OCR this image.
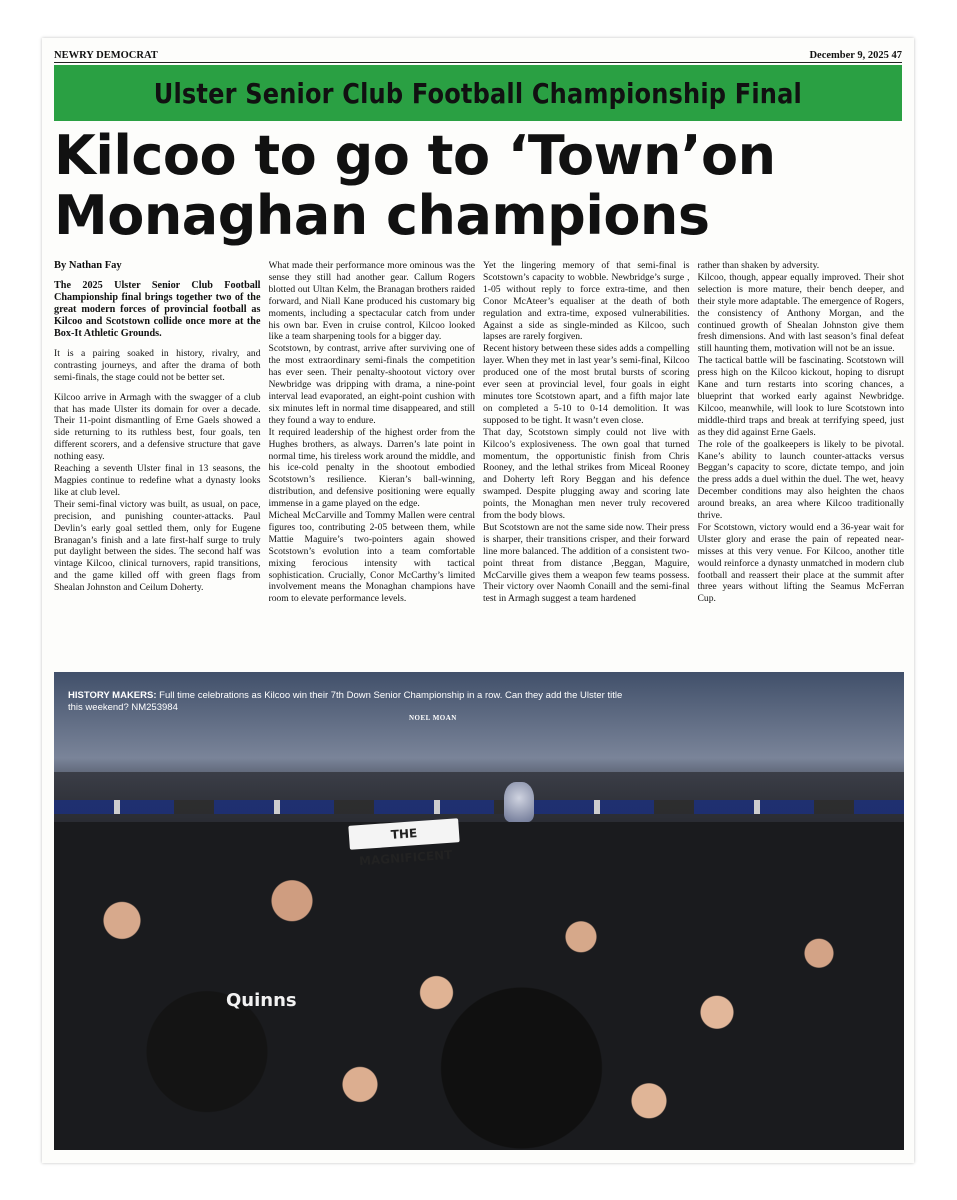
NEWRY DEMOCRAT	December 9, 2025 47
Ulster Senior Club Football Championship Final
Kilcoo to go to ‘Town’on
Monaghan champions

By Nathan Fay

The 2025 Ulster Senior Club Football Championship final brings together two of the great modern forces of provincial football as Kilcoo and Scotstown collide once more at the Box-It Athletic Grounds.

It is a pairing soaked in history, rivalry, and contrasting journeys, and after the drama of both semi-finals, the stage could not be better set.

Kilcoo arrive in Armagh with the swagger of a club that has made Ulster its domain for over a decade. Their 11-point dismantling of Erne Gaels showed a side returning to its ruthless best, four goals, ten different scorers, and a defensive structure that gave nothing easy.

Reaching a seventh Ulster final in 13 seasons, the Magpies continue to redefine what a dynasty looks like at club level.

Their semi-final victory was built, as usual, on pace, precision, and punishing counter-attacks. Paul Devlin’s early goal settled them, only for Eugene Branagan’s finish and a late first-half surge to truly put daylight between the sides. The second half was vintage Kilcoo, clinical turnovers, rapid transitions, and the game killed off with green flags from Shealan Johnston and Ceilum Doherty.

What made their performance more ominous was the sense they still had another gear. Callum Rogers blotted out Ultan Kelm, the Branagan brothers raided forward, and Niall Kane produced his customary big moments, including a spectacular catch from under his own bar. Even in cruise control, Kilcoo looked like a team sharpening tools for a bigger day.

Scotstown, by contrast, arrive after surviving one of the most extraordinary semi-finals the competition has ever seen. Their penalty-shootout victory over Newbridge was dripping with drama, a nine-point interval lead evaporated, an eight-point cushion with six minutes left in normal time disappeared, and still they found a way to endure.

It required leadership of the highest order from the Hughes brothers, as always. Darren’s late point in normal time, his tireless work around the middle, and his ice-cold penalty in the shootout embodied Scotstown’s resilience. Kieran’s ball-winning, distribution, and defensive positioning were equally immense in a game played on the edge.

Micheal McCarville and Tommy Mallen were central figures too, contributing 2-05 between them, while Mattie Maguire’s two-pointers again showed Scotstown’s evolution into a team comfortable mixing ferocious intensity with tactical sophistication. Crucially, Conor McCarthy’s limited involvement means the Monaghan champions have room to elevate performance levels.

Yet the lingering memory of that semi-final is Scotstown’s capacity to wobble. Newbridge’s surge , 1-05 without reply to force extra-time, and then Conor McAteer’s equaliser at the death of both regulation and extra-time, exposed vulnerabilities. Against a side as single-minded as Kilcoo, such lapses are rarely forgiven.

Recent history between these sides adds a compelling layer. When they met in last year’s semi-final, Kilcoo produced one of the most brutal bursts of scoring ever seen at provincial level, four goals in eight minutes tore Scotstown apart, and a fifth major late on completed a 5-10 to 0-14 demolition. It was supposed to be tight. It wasn’t even close.

That day, Scotstown simply could not live with Kilcoo’s explosiveness. The own goal that turned momentum, the opportunistic finish from Chris Rooney, and the lethal strikes from Miceal Rooney and Doherty left Rory Beggan and his defence swamped. Despite plugging away and scoring late points, the Monaghan men never truly recovered from the body blows.

But Scotstown are not the same side now. Their press is sharper, their transitions crisper, and their forward line more balanced. The addition of a consistent two-point threat from distance ,Beggan, Maguire, McCarville gives them a weapon few teams possess. Their victory over Naomh Conaill and the semi-final test in Armagh suggest a team hardened

rather than shaken by adversity.

Kilcoo, though, appear equally improved. Their shot selection is more mature, their bench deeper, and their style more adaptable. The emergence of Rogers, the consistency of Anthony Morgan, and the continued growth of Shealan Johnston give them fresh dimensions. And with last season’s final defeat still haunting them, motivation will not be an issue.

The tactical battle will be fascinating. Scotstown will press high on the Kilcoo kickout, hoping to disrupt Kane and turn restarts into scoring chances, a blueprint that worked early against Newbridge. Kilcoo, meanwhile, will look to lure Scotstown into middle-third traps and break at terrifying speed, just as they did against Erne Gaels.

The role of the goalkeepers is likely to be pivotal. Kane’s ability to launch counter-attacks versus Beggan’s capacity to score, dictate tempo, and join the press adds a duel within the duel. The wet, heavy December conditions may also heighten the chaos around breaks, an area where Kilcoo traditionally thrive.

For Scotstown, victory would end a 36-year wait for Ulster glory and erase the pain of repeated near-misses at this very venue. For Kilcoo, another title would reinforce a dynasty unmatched in modern club football and reassert their place at the summit after three years without lifting the Seamus McFerran Cup.

THE MAGNIFICENT
Quinns
HISTORY MAKERS: Full time celebrations as Kilcoo win their 7th Down Senior Championship in a row. Can they add the Ulster title this weekend? NM253984
NOEL MOAN
